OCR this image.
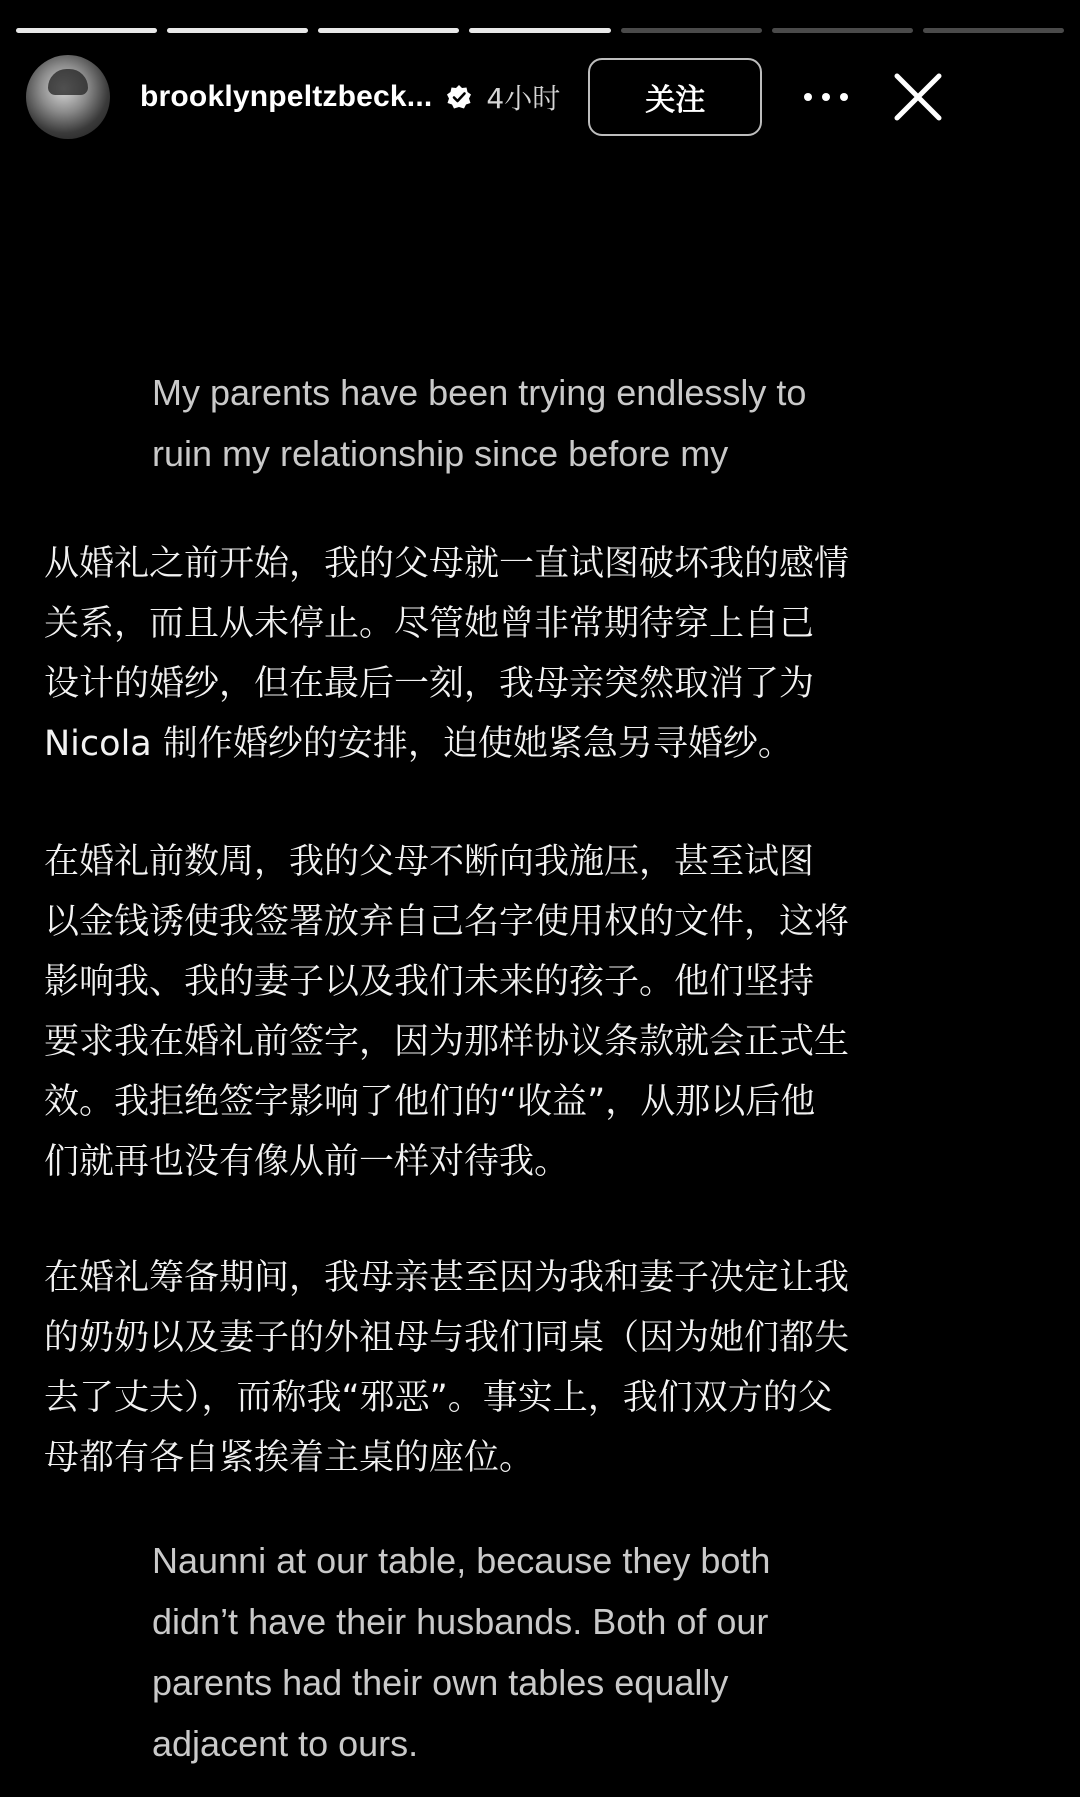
brooklynpeltzbeck... 4小时	关注
My parents have been trying endlessly to
ruin my relationship since before my
从婚礼之前开始，我的父母就一直试图破坏我的感情
关系，而且从未停止。尽管她曾非常期待穿上自己
设计的婚纱，但在最后一刻，我母亲突然取消了为
Nicola 制作婚纱的安排，迫使她紧急另寻婚纱。
在婚礼前数周，我的父母不断向我施压，甚至试图
以金钱诱使我签署放弃自己名字使用权的文件，这将
影响我、我的妻子以及我们未来的孩子。他们坚持
要求我在婚礼前签字，因为那样协议条款就会正式生
效。我拒绝签字影响了他们的“收益”，从那以后他
们就再也没有像从前一样对待我。
在婚礼筹备期间，我母亲甚至因为我和妻子决定让我
的奶奶以及妻子的外祖母与我们同桌（因为她们都失
去了丈夫），而称我“邪恶”。事实上，我们双方的父
母都有各自紧挨着主桌的座位。
Naunni at our table, because they both
didn’t have their husbands. Both of our
parents had their own tables equally
adjacent to ours.
